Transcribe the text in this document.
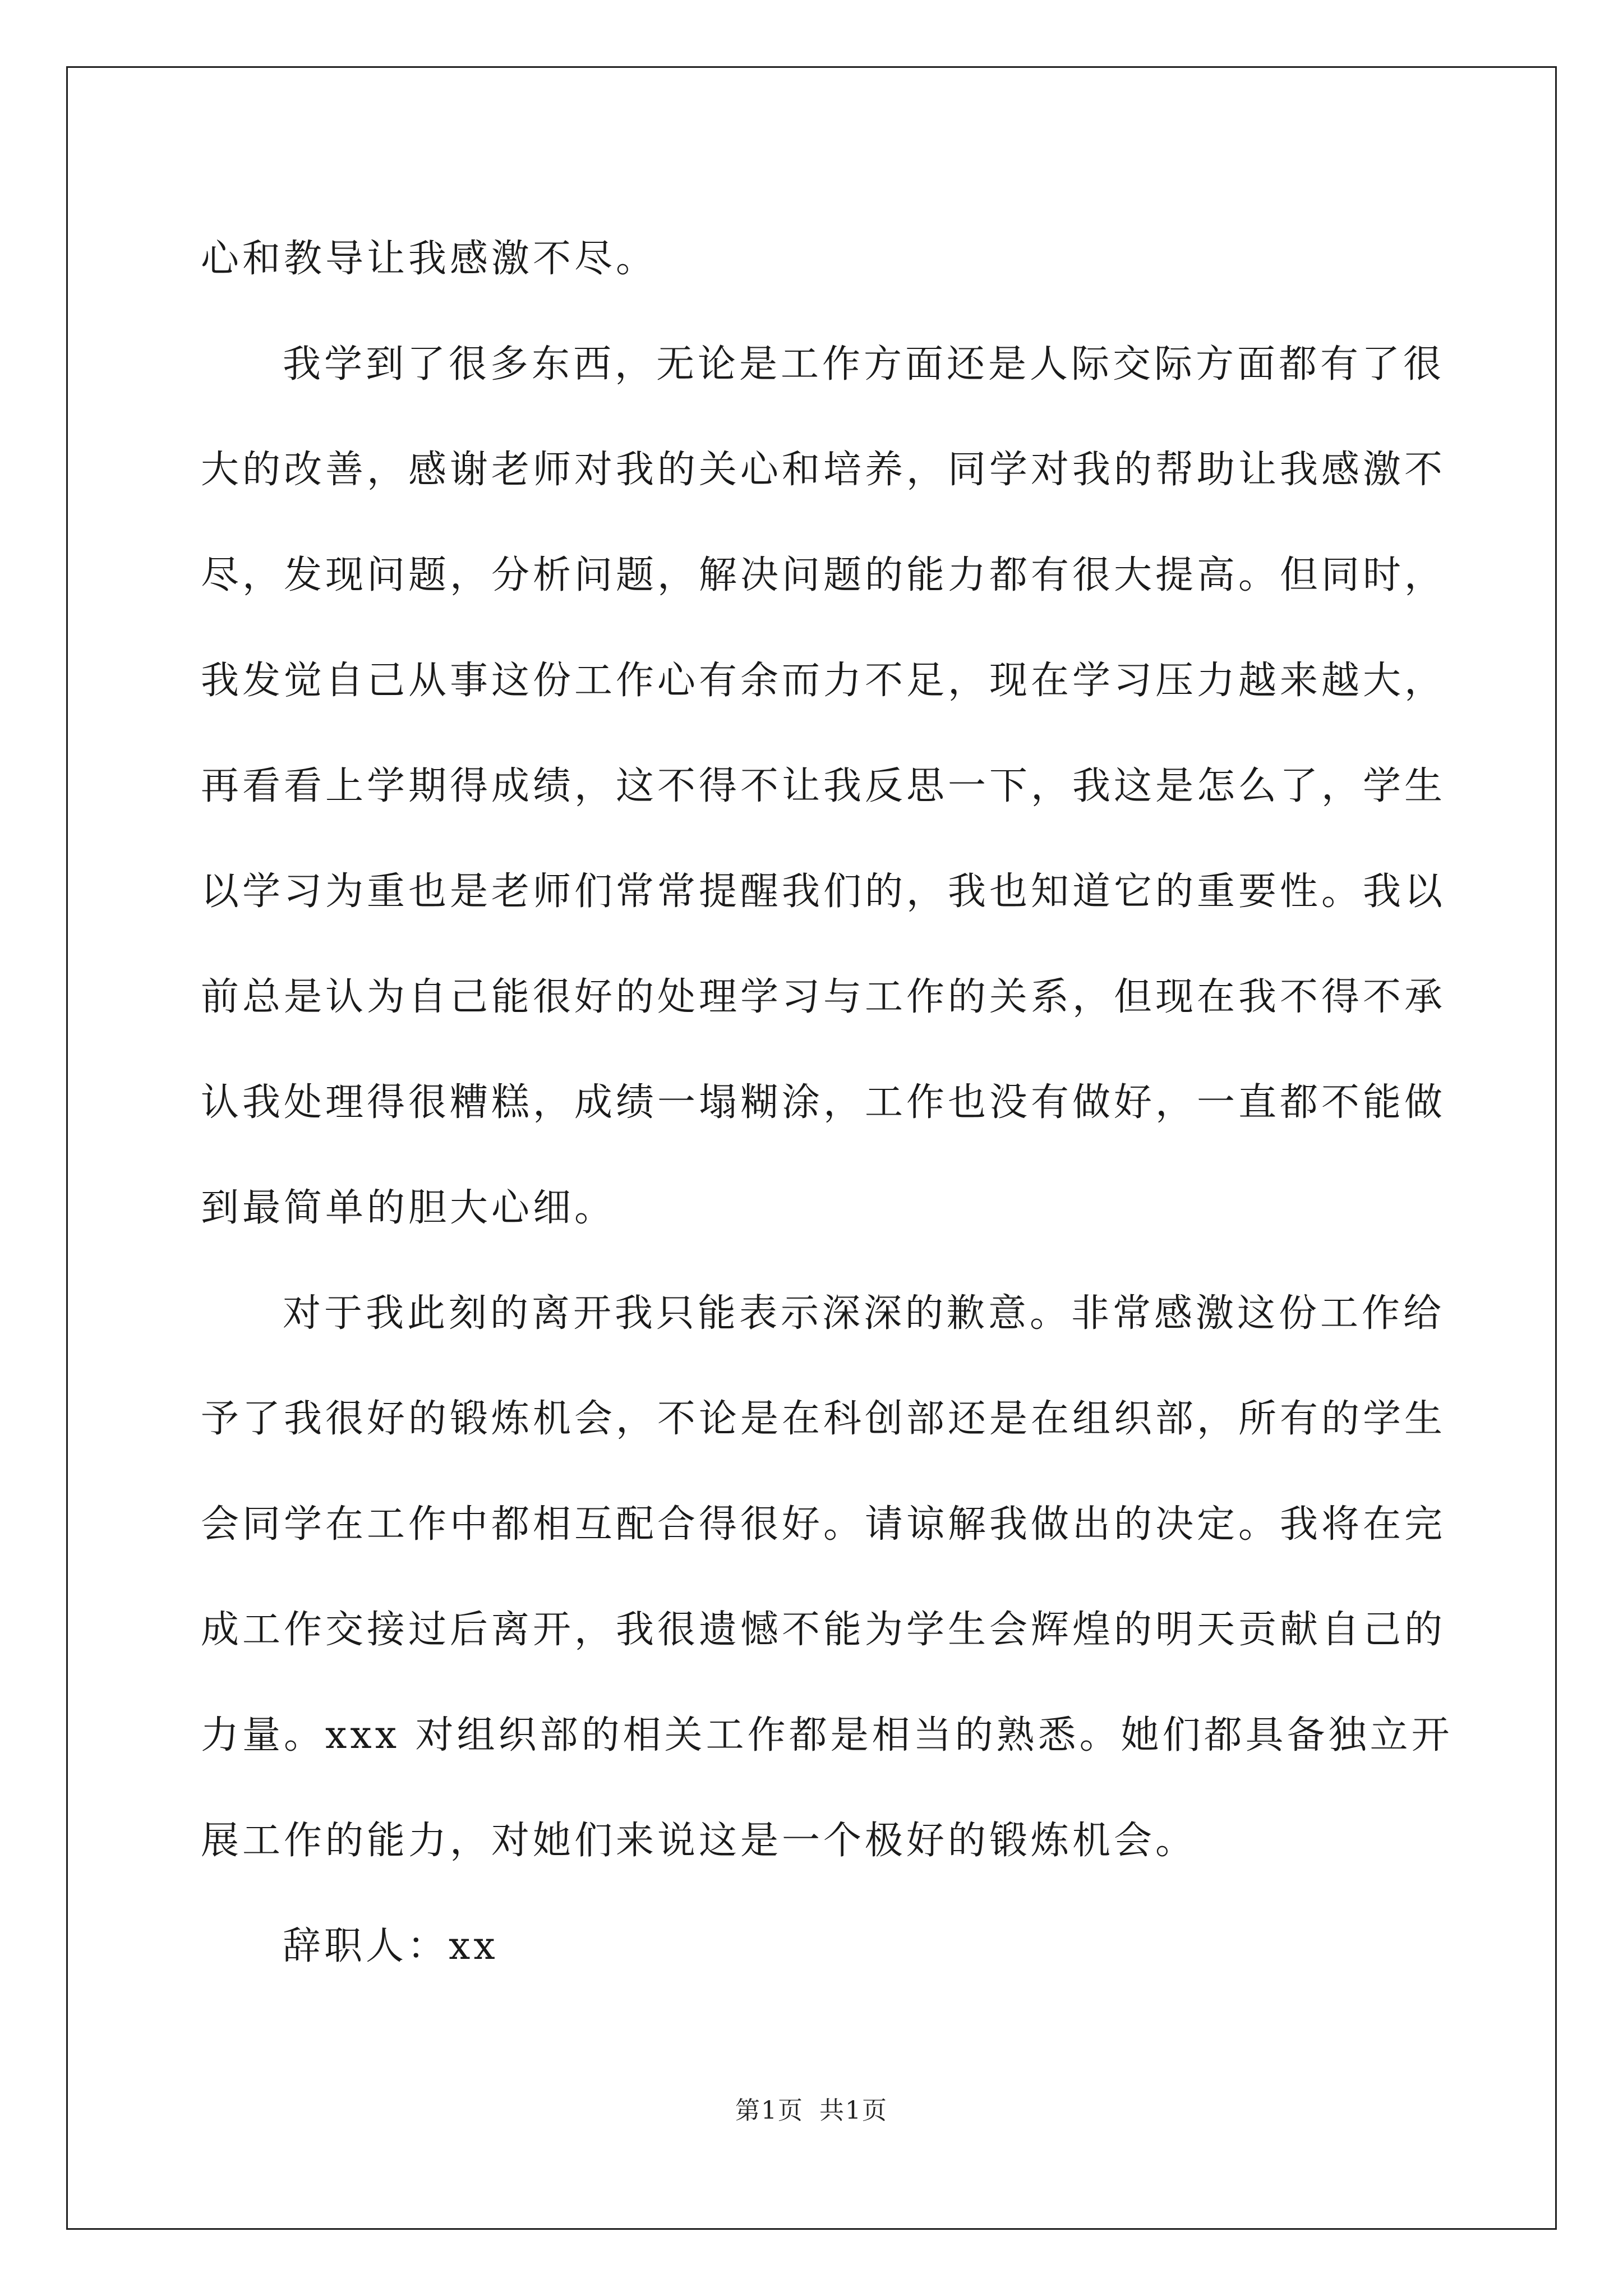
心和教导让我感激不尽。
我学到了很多东西，无论是工作方面还是人际交际方面都有了很
大的改善，感谢老师对我的关心和培养，同学对我的帮助让我感激不
尽，发现问题，分析问题，解决问题的能力都有很大提高。但同时，
我发觉自己从事这份工作心有余而力不足，现在学习压力越来越大，
再看看上学期得成绩，这不得不让我反思一下，我这是怎么了，学生
以学习为重也是老师们常常提醒我们的，我也知道它的重要性。我以
前总是认为自己能很好的处理学习与工作的关系，但现在我不得不承
认我处理得很糟糕，成绩一塌糊涂，工作也没有做好，一直都不能做
到最简单的胆大心细。
对于我此刻的离开我只能表示深深的歉意。非常感激这份工作给
予了我很好的锻炼机会，不论是在科创部还是在组织部，所有的学生
会同学在工作中都相互配合得很好。请谅解我做出的决定。我将在完
成工作交接过后离开，我很遗憾不能为学生会辉煌的明天贡献自己的
力量。xxx 对组织部的相关工作都是相当的熟悉。她们都具备独立开
展工作的能力，对她们来说这是一个极好的锻炼机会。
辞职人：xx
第1页 共1页
